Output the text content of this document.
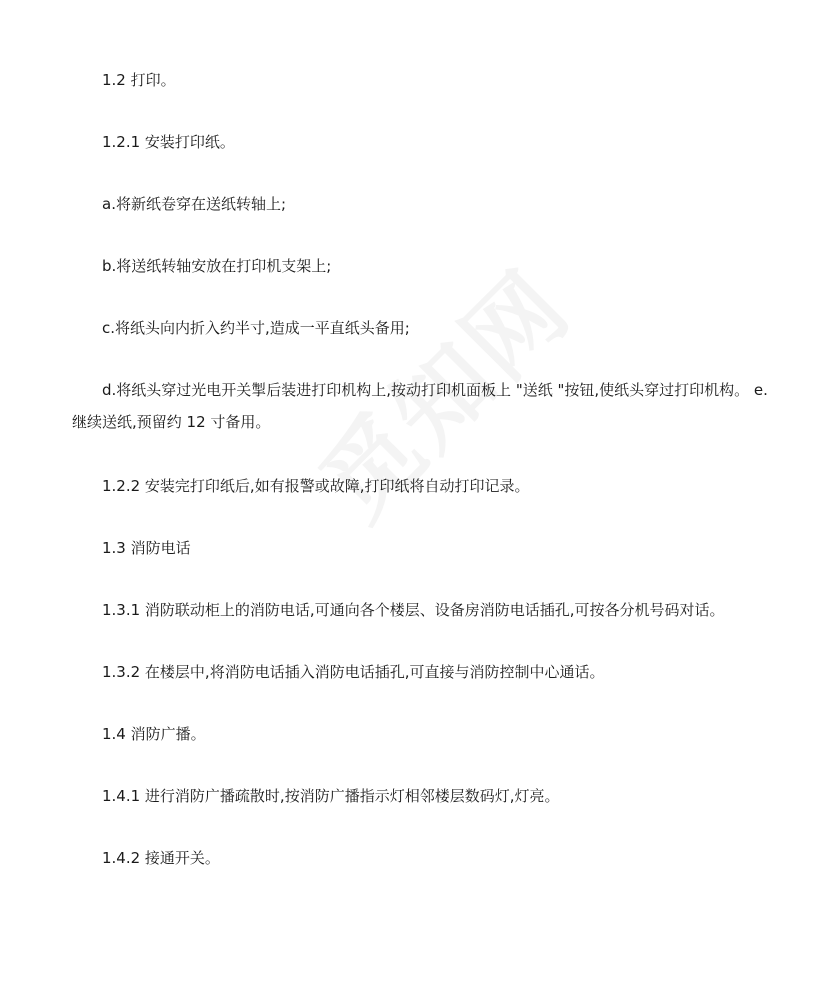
1.2 打印。

1.2.1 安装打印纸。

a.将新纸卷穿在送纸转轴上;

b.将送纸转轴安放在打印机支架上;

c.将纸头向内折入约半寸,造成一平直纸头备用;

d.将纸头穿过光电开关掣后装进打印机构上,按动打印机面板上 "送纸 "按钮,使纸头穿过打印机构。 e.继续送纸,预留约 12 寸备用。

1.2.2 安装完打印纸后,如有报警或故障,打印纸将自动打印记录。

1.3 消防电话

1.3.1 消防联动柜上的消防电话,可通向各个楼层、设备房消防电话插孔,可按各分机号码对话。

1.3.2 在楼层中,将消防电话插入消防电话插孔,可直接与消防控制中心通话。

1.4 消防广播。

1.4.1 进行消防广播疏散时,按消防广播指示灯相邻楼层数码灯,灯亮。

1.4.2 接通开关。
